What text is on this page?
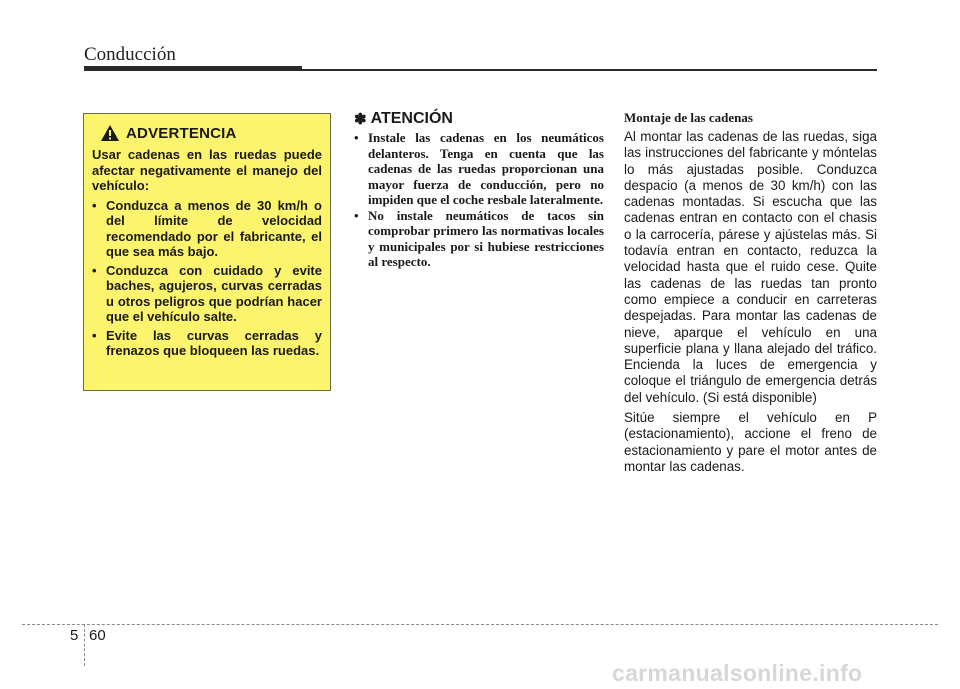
Conducción
ADVERTENCIA
Usar cadenas en las ruedas puede afectar negativamente el manejo del vehículo:
• Conduzca a menos de 30 km/h o del límite de velocidad recomendado por el fabricante, el que sea más bajo.
• Conduzca con cuidado y evite baches, agujeros, curvas cerradas u otros peligros que podrían hacer que el vehículo salte.
• Evite las curvas cerradas y frenazos que bloqueen las ruedas.
✽ ATENCIÓN
• Instale las cadenas en los neumáticos delanteros. Tenga en cuenta que las cadenas de las ruedas proporcionan una mayor fuerza de conducción, pero no impiden que el coche resbale lateralmente.
• No instale neumáticos de tacos sin comprobar primero las normativas locales y municipales por si hubiese restricciones al respecto.
Montaje de las cadenas

Al montar las cadenas de las ruedas, siga las instrucciones del fabricante y móntelas lo más ajustadas posible. Conduzca despacio (a menos de 30 km/h) con las cadenas montadas. Si escucha que las cadenas entran en contacto con el chasis o la carrocería, párese y ajústelas más. Si todavía entran en contacto, reduzca la velocidad hasta que el ruido cese. Quite las cadenas de las ruedas tan pronto como empiece a conducir en carreteras despejadas. Para montar las cadenas de nieve, aparque el vehículo en una superficie plana y llana alejado del tráfico. Encienda la luces de emergencia y coloque el triángulo de emergencia detrás del vehículo. (Si está disponible)

Sitúe siempre el vehículo en P (estacionamiento), accione el freno de estacionamiento y pare el motor antes de montar las cadenas.

5 60
carmanualsonline.info
